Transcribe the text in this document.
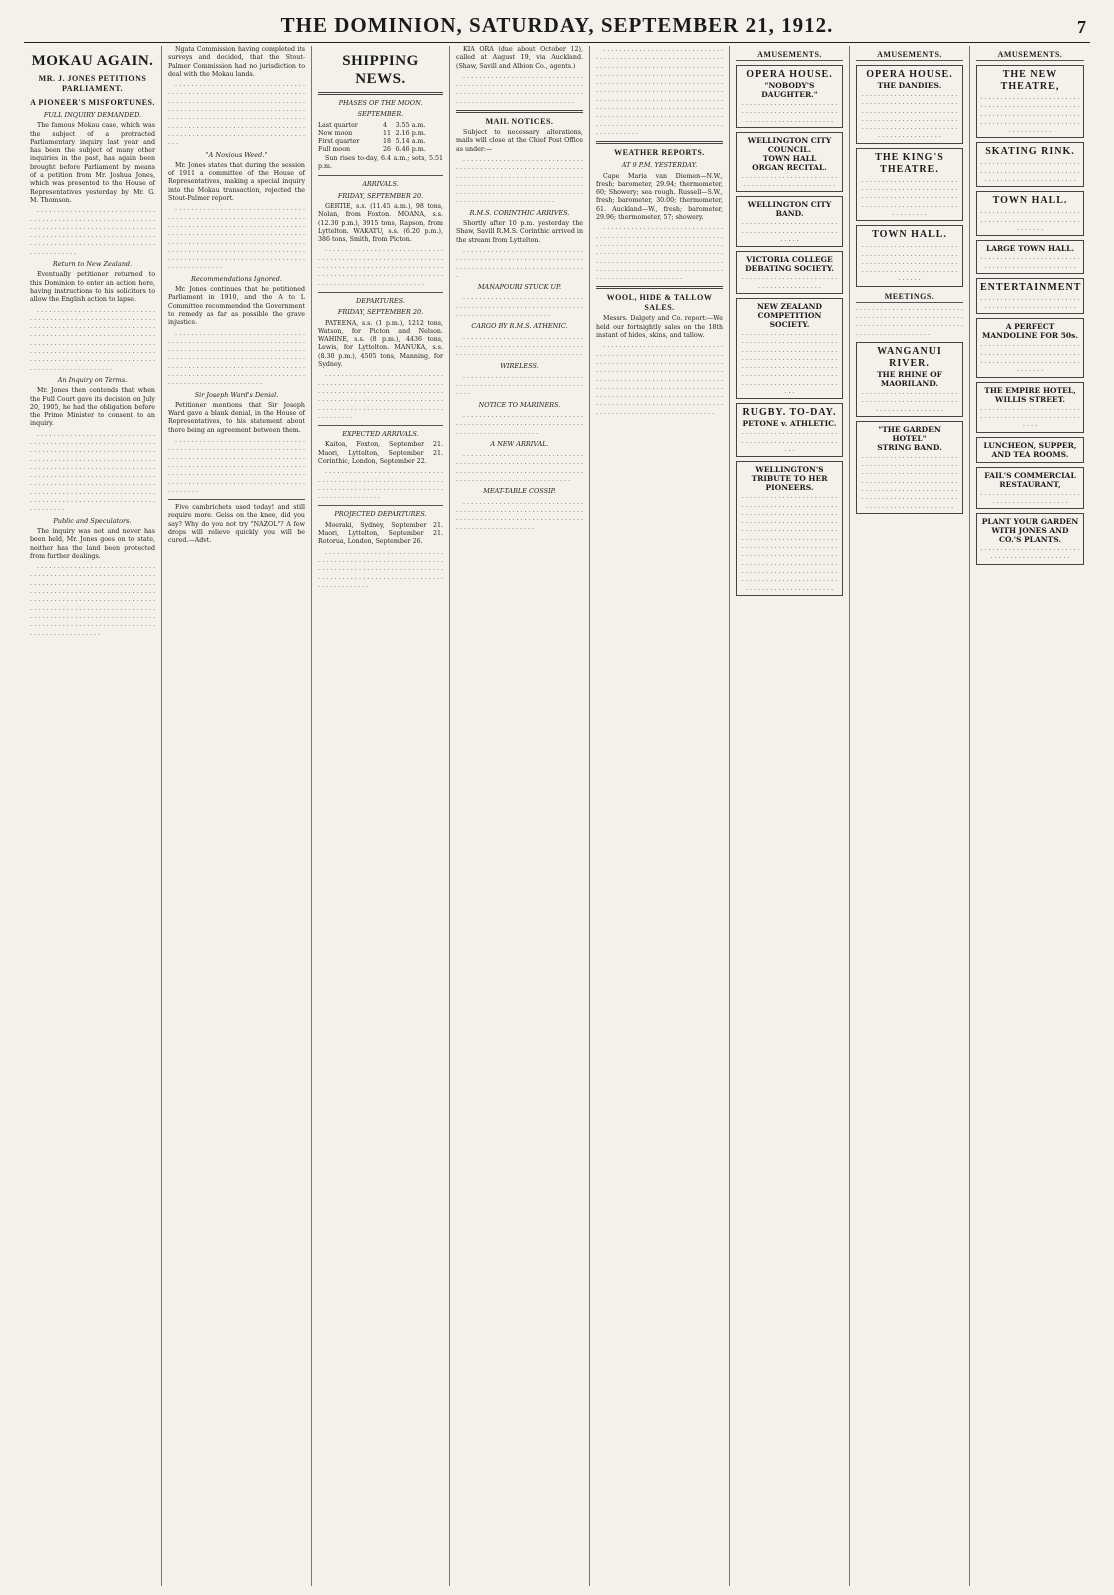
THE DOMINION, SATURDAY, SEPTEMBER 21, 1912.	7
MOKAU AGAIN.
MR. J. JONES PETITIONS PARLIAMENT.
A PIONEER'S MISFORTUNES.
FULL INQUIRY DEMANDED.

The famous Mokau case, which was the subject of a protracted Parliamentary inquiry last year and has been the subject of many other inquiries in the past, has again been brought before Parliament by means of a petition from Mr. Joshua Jones, which was presented to the House of Representatives yesterday by Mr. G. M. Thomson.

. . . . . . . . . . . . . . . . . . . . . . . . . . . . . . . . . . . . . . . . . . . . . . . . . . . . . . . . . . . . . . . . . . . . . . . . . . . . . . . . . . . . . . . . . . . . . . . . . . . . . . . . . . . . . . . . . . . . . . . . . . . . . . . . . . . . . . . . . . . . . . . . . . . . . . . . . . . . . . . . . . . . .

Return to New Zealand.

Eventually petitioner returned to this Dominion to enter an action here, having instructions to his solicitors to allow the English action to lapse.

. . . . . . . . . . . . . . . . . . . . . . . . . . . . . . . . . . . . . . . . . . . . . . . . . . . . . . . . . . . . . . . . . . . . . . . . . . . . . . . . . . . . . . . . . . . . . . . . . . . . . . . . . . . . . . . . . . . . . . . . . . . . . . . . . . . . . . . . . . . . . . . . . . . . . . . . . . . . . . . . . . . . . . . . . . . . . . . . . . . . . . . . . . . . . . . . . . . . . . . . . . . . . . . . . . . . . . . . . . . . . . . . . . . . . . . . . . . .

An Inquiry on Terms.

Mr. Jones then contends that when the Full Court gave its decision on July 20, 1905, he had the obligation before the Prime Minister to consent to an inquiry.

. . . . . . . . . . . . . . . . . . . . . . . . . . . . . . . . . . . . . . . . . . . . . . . . . . . . . . . . . . . . . . . . . . . . . . . . . . . . . . . . . . . . . . . . . . . . . . . . . . . . . . . . . . . . . . . . . . . . . . . . . . . . . . . . . . . . . . . . . . . . . . . . . . . . . . . . . . . . . . . . . . . . . . . . . . . . . . . . . . . . . . . . . . . . . . . . . . . . . . . . . . . . . . . . . . . . . . . . . . . . . . . . . . . . . . . . . . . . . . . . . . . . . . . . . . . . . . . . . . . . . . . . . . . . . . . . . . . . . . . . . . . . . .

Public and Speculators.

The inquiry was not and never has been held, Mr. Jones goes on to state, neither has the land been protected from further dealings.

. . . . . . . . . . . . . . . . . . . . . . . . . . . . . . . . . . . . . . . . . . . . . . . . . . . . . . . . . . . . . . . . . . . . . . . . . . . . . . . . . . . . . . . . . . . . . . . . . . . . . . . . . . . . . . . . . . . . . . . . . . . . . . . . . . . . . . . . . . . . . . . . . . . . . . . . . . . . . . . . . . . . . . . . . . . . . . . . . . . . . . . . . . . . . . . . . . . . . . . . . . . . . . . . . . . . . . . . . . . . . . . . . . . . . . . . . . . . . . . . . . . . . . . . . . . . . . . . . . . . . . . .

Ngata Commission having completed its surveys and decided, that the Stout-Palmer Commission had no jurisdiction to deal with the Mokau lands.

. . . . . . . . . . . . . . . . . . . . . . . . . . . . . . . . . . . . . . . . . . . . . . . . . . . . . . . . . . . . . . . . . . . . . . . . . . . . . . . . . . . . . . . . . . . . . . . . . . . . . . . . . . . . . . . . . . . . . . . . . . . . . . . . . . . . . . . . . . . . . . . . . . . . . . . . . . . . . . . . . . . . . . . . . . . . . . . . . . . . . . . . . . . . . . . . . . . . . . . . . . . . . . . . . . . . . . . . . . . . . . . . . . . . . . . . . . . . . . .

"A Noxious Weed."

Mr. Jones states that during the session of 1911 a committee of the House of Representatives, making a special inquiry into the Mokau transaction, rejected the Stout-Palmer report.

. . . . . . . . . . . . . . . . . . . . . . . . . . . . . . . . . . . . . . . . . . . . . . . . . . . . . . . . . . . . . . . . . . . . . . . . . . . . . . . . . . . . . . . . . . . . . . . . . . . . . . . . . . . . . . . . . . . . . . . . . . . . . . . . . . . . . . . . . . . . . . . . . . . . . . . . . . . . . . . . . . . . . . . . . . . . . . . . . . . . . . . . . . . . . . . . . . . . . . . . . . . . . . . . . . . . . . . . . . . . . . . . . . . . . . . . . . . . . . . . . . . . . . . . . .

Recommendations Ignored.

Mr. Jones continues that he petitioned Parliament in 1910, and the A to L Committee recommended the Government to remedy as far as possible the grave injustice.

. . . . . . . . . . . . . . . . . . . . . . . . . . . . . . . . . . . . . . . . . . . . . . . . . . . . . . . . . . . . . . . . . . . . . . . . . . . . . . . . . . . . . . . . . . . . . . . . . . . . . . . . . . . . . . . . . . . . . . . . . . . . . . . . . . . . . . . . . . . . . . . . . . . . . . . . . . . . . . . . . . . . . . . . . . . . . . . . . . . . . . . . . . . . . . . . . . . . . . . . . . . . . . . . . . . . . . . . . . . . . . . . . .

Sir Joseph Ward's Denial.

Petitioner mentions that Sir Joseph Ward gave a blank denial, in the House of Representatives, to his statement about there being an agreement between them.

. . . . . . . . . . . . . . . . . . . . . . . . . . . . . . . . . . . . . . . . . . . . . . . . . . . . . . . . . . . . . . . . . . . . . . . . . . . . . . . . . . . . . . . . . . . . . . . . . . . . . . . . . . . . . . . . . . . . . . . . . . . . . . . . . . . . . . . . . . . . . . . . . . . . . . . . . . . . . . . . . . . . . . . . . . . . . . . . . . . . . . . . . . . . . . . . . . . . . . . . . . . . . . . . . .

Five cambrichets used today! and still require more. Geiss on the knee, did you say? Why do you not try "NAZOL"? A few drops will relieve quickly you will be cured.—Advt.

SHIPPING NEWS.
PHASES OF THE MOON.
SEPTEMBER.
Last quarter	4	3.55 a.m.
New moon	11	2.16 p.m.
First quarter	18	5.14 a.m.
Full moon	26	6.46 p.m.

Sun rises to-day, 6.4 a.m.; sets, 5.51 p.m.

ARRIVALS.
FRIDAY, SEPTEMBER 20.

GERTIE, s.s. (11.45 a.m.), 98 tons, Nolan, from Foxton. MOANA, s.s. (12.30 p.m.), 3915 tons, Rapson, from Lyttelton. WAKATU, s.s. (6.20 p.m.), 386 tons, Smith, from Picton.

. . . . . . . . . . . . . . . . . . . . . . . . . . . . . . . . . . . . . . . . . . . . . . . . . . . . . . . . . . . . . . . . . . . . . . . . . . . . . . . . . . . . . . . . . . . . . . . . . . . . . . . . . . . . . . . . . . . . . . . . . . . . . . . . . . . . . . . . . . . . . . . . . . . . .

DEPARTURES.
FRIDAY, SEPTEMBER 20.

PATEENA, s.s. (1 p.m.), 1212 tons, Watson, for Picton and Nelson. WAHINE, s.s. (8 p.m.), 4436 tons, Lewis, for Lyttelton. MANUKA, s.s. (8.30 p.m.), 4505 tons, Manning, for Sydney.

. . . . . . . . . . . . . . . . . . . . . . . . . . . . . . . . . . . . . . . . . . . . . . . . . . . . . . . . . . . . . . . . . . . . . . . . . . . . . . . . . . . . . . . . . . . . . . . . . . . . . . . . . . . . . . . . . . . . . . . . . . . . . . . . . . . . . . . . . . . . . . . . . . . . . . . . . . . . . . . . . .

EXPECTED ARRIVALS.

Kaitoa, Foxton, September 21. Maori, Lyttelton, September 21. Corinthic, London, September 22.

. . . . . . . . . . . . . . . . . . . . . . . . . . . . . . . . . . . . . . . . . . . . . . . . . . . . . . . . . . . . . . . . . . . . . . . . . . . . . . . . . . . . . . . . . . . . . . . . . . . . . . . . . . .

PROJECTED DEPARTURES.

Moeraki, Sydney, September 21. Maori, Lyttelton, September 21. Rotorua, London, September 26.

. . . . . . . . . . . . . . . . . . . . . . . . . . . . . . . . . . . . . . . . . . . . . . . . . . . . . . . . . . . . . . . . . . . . . . . . . . . . . . . . . . . . . . . . . . . . . . . . . . . . . . . . . . . . . . . . . . . . . . . . . . . . . . . . . . . . . . .

KIA ORA (due about October 12), called at August 19, via Auckland. (Shaw, Savill and Albion Co., agents.)

. . . . . . . . . . . . . . . . . . . . . . . . . . . . . . . . . . . . . . . . . . . . . . . . . . . . . . . . . . . . . . . . . . . . . . . . . . . . . . . . . . . . . . . . . . . . . . . . . . . . . . . . . . . . . . . . . . . . . . . . . . . .

MAIL NOTICES.

Subject to necessary alterations, mails will close at the Chief Post Office as under:—

. . . . . . . . . . . . . . . . . . . . . . . . . . . . . . . . . . . . . . . . . . . . . . . . . . . . . . . . . . . . . . . . . . . . . . . . . . . . . . . . . . . . . . . . . . . . . . . . . . . . . . . . . . . . . . . . . . . . . . . . . . . . . . . . . . . . . . . . . . . . . . . . . . . . . . . . . . . . . . . . . . . . . . . . . . . . . . . . . . . . . . .

R.M.S. CORINTHIC ARRIVES.

Shortly after 10 p.m. yesterday the Shaw, Savill R.M.S. Corinthic arrived in the stream from Lyttelton.

. . . . . . . . . . . . . . . . . . . . . . . . . . . . . . . . . . . . . . . . . . . . . . . . . . . . . . . . . . . . . . . . . . . . . . . . . . . . . . . . . . . . . . . . . . . . . . .

MANAPOURI STUCK UP.

. . . . . . . . . . . . . . . . . . . . . . . . . . . . . . . . . . . . . . . . . . . . . . . . . . . . . . . . . . . . . . . . . . . . . . . . . . . . . . . . . . . . . .

CARGO BY R.M.S. ATHENIC.

. . . . . . . . . . . . . . . . . . . . . . . . . . . . . . . . . . . . . . . . . . . . . . . . . . . . . . . . . . . . . . . . . . . . . . . . . . . . . . . . . . . . . . . . . . . . . .

WIRELESS.

. . . . . . . . . . . . . . . . . . . . . . . . . . . . . . . . . . . . . . . . . . . . . . . . . . . . . . . . . . . . . . . . . .

NOTICE TO MARINERS.

. . . . . . . . . . . . . . . . . . . . . . . . . . . . . . . . . . . . . . . . . . . . . . . . . . . . . . . . . . . . . . . . . . . . . . . . . . . . . . . . . . .

A NEW ARRIVAL.

. . . . . . . . . . . . . . . . . . . . . . . . . . . . . . . . . . . . . . . . . . . . . . . . . . . . . . . . . . . . . . . . . . . . . . . . . . . . . . . . . . . . . . . . . . . . . . . . . . . . . . . . . . . . . . . . . . . . . . . . . . .

MEAT-TABLE COSSIP.

. . . . . . . . . . . . . . . . . . . . . . . . . . . . . . . . . . . . . . . . . . . . . . . . . . . . . . . . . . . . . . . . . . . . . . . . . . . . . . . . . . . . . . . . . . . . . . . . . . . . . . . . . . . . . . . . . .

. . . . . . . . . . . . . . . . . . . . . . . . . . . . . . . . . . . . . . . . . . . . . . . . . . . . . . . . . . . . . . . . . . . . . . . . . . . . . . . . . . . . . . . . . . . . . . . . . . . . . . . . . . . . . . . . . . . . . . . . . . . . . . . . . . . . . . . . . . . . . . . . . . . . . . . . . . . . . . . . . . . . . . . . . . . . . . . . . . . . . . . . . . . . . . . . . . . . . . . . . . . . . . . . . . . . . . . . . . . . . . . . . . . . . . . . . . . . . . . . . . . . . . . . . . . . . . . . . . . . . . . . . . . . . . . . . . . . . . . . . . . . . . . . . . . . . . . . . . . . . . . . . . . . . . . . . . . . . . . . . . . . . . . . .

WEATHER REPORTS.
AT 9 P.M. YESTERDAY.

Cape Maria van Diemen—N.W., fresh; barometer, 29.94; thermometer, 60; Showery; sea rough. Russell—S.W., fresh; barometer, 30.00; thermometer, 61. Auckland—W., fresh; barometer, 29.96; thermometer, 57; showery.

. . . . . . . . . . . . . . . . . . . . . . . . . . . . . . . . . . . . . . . . . . . . . . . . . . . . . . . . . . . . . . . . . . . . . . . . . . . . . . . . . . . . . . . . . . . . . . . . . . . . . . . . . . . . . . . . . . . . . . . . . . . . . . . . . . . . . . . . . . . . . . . . . . . . . . . . . . . . . . . . . . . . . . . . . . . . . . . . . . . . . . . . . . . . . . . . . . . . . . . . . . . . . . . . . . . .

WOOL, HIDE & TALLOW SALES.

Messrs. Dalgety and Co. report:—We held our fortnightly sales on the 18th instant of hides, skins, and tallow.

. . . . . . . . . . . . . . . . . . . . . . . . . . . . . . . . . . . . . . . . . . . . . . . . . . . . . . . . . . . . . . . . . . . . . . . . . . . . . . . . . . . . . . . . . . . . . . . . . . . . . . . . . . . . . . . . . . . . . . . . . . . . . . . . . . . . . . . . . . . . . . . . . . . . . . . . . . . . . . . . . . . . . . . . . . . . . . . . . . . . . . . . . . . . . . . . . . . . . . . . . . . . . . . . . . . . . . . . . . . . . . . . . . . . . . . . . . . . . . . . . . . . . . . . . . . . . . . . . . . . . . . . . . . . . . . . . . . . . . . . . . . .

AMUSEMENTS.
OPERA HOUSE.
"NOBODY'S DAUGHTER."
. . . . . . . . . . . . . . . . . . . . . . . . . . . . . . . . . . . . . . . . . . . . . . . . . . . . . . . . . . . . . . . . . . . . . .
WELLINGTON CITY COUNCIL.
TOWN HALL
ORGAN RECITAL.
. . . . . . . . . . . . . . . . . . . . . . . . . . . . . . . . . . . . . . . . . . . . . . .
WELLINGTON CITY BAND.
. . . . . . . . . . . . . . . . . . . . . . . . . . . . . . . . . . . . . . . . . . . . . . . . . . . . .
VICTORIA COLLEGE DEBATING SOCIETY.
. . . . . . . . . . . . . . . . . . . . . . . . . . . . . . . . . . . . . . . .
NEW ZEALAND COMPETITION SOCIETY.
. . . . . . . . . . . . . . . . . . . . . . . . . . . . . . . . . . . . . . . . . . . . . . . . . . . . . . . . . . . . . . . . . . . . . . . . . . . . . . . . . . . . . . . . . . . . . . . . . . . . . . . . . . . . . . . . . . . . . . . . . . . . . . . . . . . . . . . . . . . . . . . . . . . . . . . . . . . . . . . . . . . . . . . . . . .
RUGBY. TO-DAY.
PETONE v. ATHLETIC.
. . . . . . . . . . . . . . . . . . . . . . . . . . . . . . . . . . . . . . . . . . . . . . . . . . .
WELLINGTON'S TRIBUTE TO HER PIONEERS.
. . . . . . . . . . . . . . . . . . . . . . . . . . . . . . . . . . . . . . . . . . . . . . . . . . . . . . . . . . . . . . . . . . . . . . . . . . . . . . . . . . . . . . . . . . . . . . . . . . . . . . . . . . . . . . . . . . . . . . . . . . . . . . . . . . . . . . . . . . . . . . . . . . . . . . . . . . . . . . . . . . . . . . . . . . . . . . . . . . . . . . . . . . . . . . . . . . . . . . . . . . . . . . . . . . . . . . . . . . . . . . . . . . . . . . . . . . . . . . . . . . . . . . . . . . . . . . . . . . . . . . . . . . . . . . . . . . . . . . . . . . . . . .
AMUSEMENTS.
OPERA HOUSE.
THE DANDIES.
. . . . . . . . . . . . . . . . . . . . . . . . . . . . . . . . . . . . . . . . . . . . . . . . . . . . . . . . . . . . . . . . . . . . . . . . . . . . . . . . . . . . . . . . . . . . . . . . . . . . . . . . . . . . . . . . . . . . . . . . . . . . . . . . . . . . . . . .
THE KING'S THEATRE.
. . . . . . . . . . . . . . . . . . . . . . . . . . . . . . . . . . . . . . . . . . . . . . . . . . . . . . . . . . . . . . . . . . . . . . . . . . . . . . . . . . . . . . . . . . . . . . . . . . . . . . . . .
TOWN HALL.
. . . . . . . . . . . . . . . . . . . . . . . . . . . . . . . . . . . . . . . . . . . . . . . . . . . . . . . . . . . . . . . . . . . . . . . . . . . . . . . . . . . . . . . . . . . . . . . . . . . . . .
MEETINGS.
. . . . . . . . . . . . . . . . . . . . . . . . . . . . . . . . . . . . . . . . . . . . . . . . . . . . . . . . . . . . . . . . . . . . . . . . . . . . . . . . . . . . . . . . . . . . . . . . . . . .
WANGANUI RIVER.
THE RHINE OF MAORILAND.
. . . . . . . . . . . . . . . . . . . . . . . . . . . . . . . . . . . . . . . . . . . . . . . . . . . . . . . . . . . . . . . . .
"THE GARDEN HOTEL"
STRING BAND.
. . . . . . . . . . . . . . . . . . . . . . . . . . . . . . . . . . . . . . . . . . . . . . . . . . . . . . . . . . . . . . . . . . . . . . . . . . . . . . . . . . . . . . . . . . . . . . . . . . . . . . . . . . . . . . . . . . . . . . . . . . . . . . . . . . . . . . . . . . . . . . . . . . . . . . . . . . . . . . . . . . . . . .
AMUSEMENTS.
THE NEW THEATRE,
. . . . . . . . . . . . . . . . . . . . . . . . . . . . . . . . . . . . . . . . . . . . . . . . . . . . . . . . . . . . . . . . . . . . . . . . . . . . . . . . . . . . . . . . . . . . . . . . . . . . . . . . . . . . . . .
SKATING RINK.
. . . . . . . . . . . . . . . . . . . . . . . . . . . . . . . . . . . . . . . . . . . . . . . . . . . . . . . . . . . . . . . . . . . . . . . . .
TOWN HALL.
. . . . . . . . . . . . . . . . . . . . . . . . . . . . . . . . . . . . . . . . . . . . . . . . . . . . . . . . .
LARGE TOWN HALL.
. . . . . . . . . . . . . . . . . . . . . . . . . . . . . . . . . . . . . . . . . . . . . . . .
ENTERTAINMENT
. . . . . . . . . . . . . . . . . . . . . . . . . . . . . . . . . . . . . . . . . . . . . . . .
A PERFECT MANDOLINE FOR 50s.
. . . . . . . . . . . . . . . . . . . . . . . . . . . . . . . . . . . . . . . . . . . . . . . . . . . . . . . . . . . . . . . . . . . . . . . . . . . . . . . . . .
THE EMPIRE HOTEL,
WILLIS STREET.
. . . . . . . . . . . . . . . . . . . . . . . . . . . . . . . . . . . . . . . . . . . . . . . . . . . . . .
LUNCHEON, SUPPER, AND TEA ROOMS.
FAIL'S COMMERCIAL RESTAURANT,
. . . . . . . . . . . . . . . . . . . . . . . . . . . . . . . . . . . . . . . . . . . .
PLANT YOUR GARDEN WITH JONES AND CO.'S PLANTS.
. . . . . . . . . . . . . . . . . . . . . . . . . . . . . . . . . . . . . . . . . . . . .
